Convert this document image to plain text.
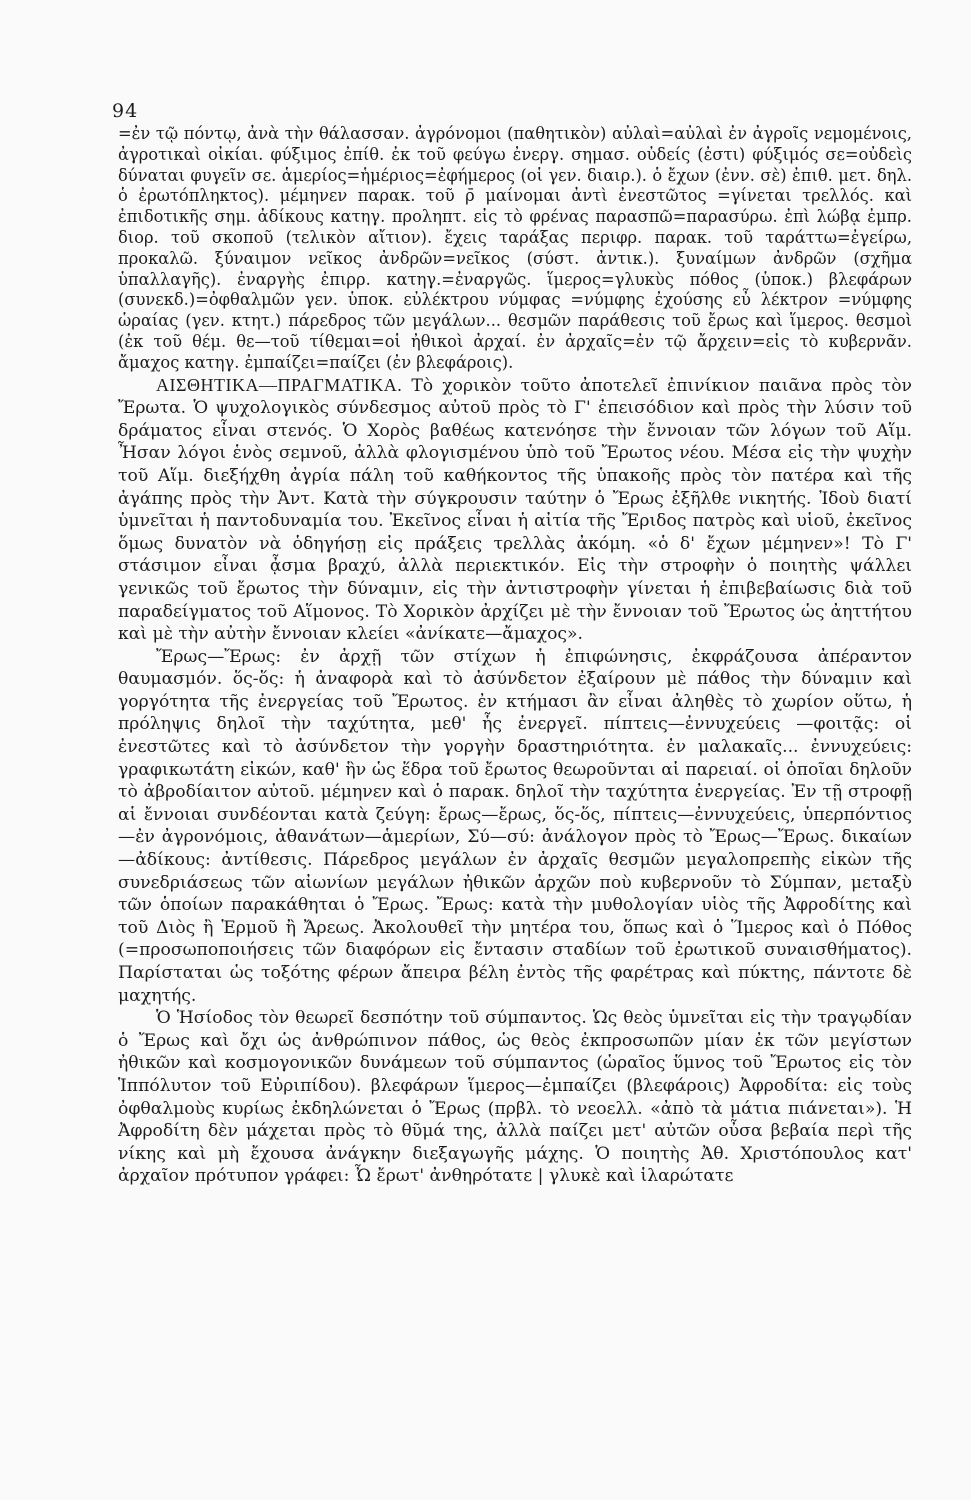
94

=ἐν τῷ πόντῳ, ἀνὰ τὴν θάλασσαν. ἀγρόνομοι (παθητικὸν) αὐλαὶ=αὐλαὶ ἐν ἀγροῖς νεμομένοις, ἀγροτικαὶ οἰκίαι. φύξιμος ἐπίθ. ἐκ τοῦ φεύγω ἐνεργ. σημασ. οὐδείς (ἐστι) φύξιμός σε=οὐδεὶς δύναται φυγεῖν σε. ἁμερίος=ἡμέριος=ἐφήμερος (οἱ γεν. διαιρ.). ὁ ἔχων (ἐνν. σὲ) ἐπιθ. μετ. δηλ. ὁ ἐρωτόπληκτος). μέμηνεν παρακ. τοῦ ρ̄ μαίνομαι ἀντὶ ἐνεστῶτος =γίνεται τρελλός. καὶ ἐπιδοτικῆς σημ. ἀδίκους κατηγ. προληπτ. εἰς τὸ φρένας παρασπῶ=παρασύρω. ἐπὶ λώβᾳ ἐμπρ. διορ. τοῦ σκοποῦ (τελικὸν αἴτιον). ἔχεις ταράξας περιφρ. παρακ. τοῦ ταράττω=ἐγείρω, προκαλῶ. ξύναιμον νεῖκος ἀνδρῶν=νεῖκος (σύστ. ἀντικ.). ξυναίμων ἀνδρῶν (σχῆμα ὑπαλλαγῆς). ἐναργὴς ἐπιρρ. κατηγ.=ἐναργῶς. ἵμερος=γλυκὺς πόθος (ὑποκ.) βλεφάρων (συνεκδ.)=ὀφθαλμῶν γεν. ὑποκ. εὐλέκτρου νύμφας =νύμφης ἐχούσης εὖ λέκτρον =νύμφης ὡραίας (γεν. κτητ.) πάρεδρος τῶν μεγάλων... θεσμῶν παράθεσις τοῦ ἔρως καὶ ἵμερος. θεσμοὶ (ἐκ τοῦ θέμ. θε—τοῦ τίθεμαι=οἱ ἠθικοὶ ἀρχαί. ἐν ἀρχαῖς=ἐν τῷ ἄρχειν=εἰς τὸ κυβερνᾶν. ἄμαχος κατηγ. ἐμπαίζει=παίζει (ἐν βλεφάροις).

ΑΙΣΘΗΤΙΚΑ—ΠΡΑΓΜΑΤΙΚΑ. Τὸ χορικὸν τοῦτο ἀποτελεῖ ἐπινίκιον παιᾶνα πρὸς τὸν Ἔρωτα. Ὁ ψυχολογικὸς σύνδεσμος αὐτοῦ πρὸς τὸ Γ' ἐπεισόδιον καὶ πρὸς τὴν λύσιν τοῦ δράματος εἶναι στενός. Ὁ Χορὸς βαθέως κατενόησε τὴν ἔννοιαν τῶν λόγων τοῦ Αἵμ. Ἦσαν λόγοι ἑνὸς σεμνοῦ, ἀλλὰ φλογισμένου ὑπὸ τοῦ Ἔρωτος νέου. Μέσα εἰς τὴν ψυχὴν τοῦ Αἵμ. διεξήχθη ἀγρία πάλη τοῦ καθήκοντος τῆς ὑπακοῆς πρὸς τὸν πατέρα καὶ τῆς ἀγάπης πρὸς τὴν Ἀντ. Κατὰ τὴν σύγκρουσιν ταύτην ὁ Ἔρως ἐξῆλθε νικητής. Ἰδοὺ διατί ὑμνεῖται ἡ παντοδυναμία του. Ἐκεῖνος εἶναι ἡ αἰτία τῆς Ἔριδος πατρὸς καὶ υἱοῦ, ἐκεῖνος ὅμως δυνατὸν νὰ ὁδηγήσῃ εἰς πράξεις τρελλὰς ἀκόμη. «ὁ δ' ἔχων μέμηνεν»! Τὸ Γ' στάσιμον εἶναι ᾆσμα βραχύ, ἀλλὰ περιεκτικόν. Εἰς τὴν στροφὴν ὁ ποιητὴς ψάλλει γενικῶς τοῦ ἔρωτος τὴν δύναμιν, εἰς τὴν ἀντιστροφὴν γίνεται ἡ ἐπιβεβαίωσις διὰ τοῦ παραδείγματος τοῦ Αἵμονος. Τὸ Χορικὸν ἀρχίζει μὲ τὴν ἔννοιαν τοῦ Ἔρωτος ὡς ἀηττήτου καὶ μὲ τὴν αὐτὴν ἔννοιαν κλείει «ἀνίκατε—ἄμαχος».

Ἔρως—Ἔρως: ἐν ἀρχῇ τῶν στίχων ἡ ἐπιφώνησις, ἐκφράζουσα ἀπέραντον θαυμασμόν. ὅς-ὅς: ἡ ἀναφορὰ καὶ τὸ ἀσύνδετον ἐξαίρουν μὲ πάθος τὴν δύναμιν καὶ γοργότητα τῆς ἐνεργείας τοῦ Ἔρωτος. ἐν κτήμασι ἂν εἶναι ἀληθὲς τὸ χωρίον οὕτω, ἡ πρόληψις δηλοῖ τὴν ταχύτητα, μεθ' ἧς ἐνεργεῖ. πίπτεις—ἐννυχεύεις —φοιτᾷς: οἱ ἐνεστῶτες καὶ τὸ ἀσύνδετον τὴν γοργὴν δραστηριότητα. ἐν μαλακαῖς... ἐννυχεύεις: γραφικωτάτη εἰκών, καθ' ἣν ὡς ἕδρα τοῦ ἔρωτος θεωροῦνται αἱ παρειαί. οἱ ὁποῖαι δηλοῦν τὸ ἀβροδίαιτον αὐτοῦ. μέμηνεν καὶ ὁ παρακ. δηλοῖ τὴν ταχύτητα ἐνεργείας. Ἐν τῇ στροφῇ αἱ ἔννοιαι συνδέονται κατὰ ζεύγη: ἔρως—ἔρως, ὅς-ὅς, πίπτεις—ἐννυχεύεις, ὑπερπόντιος—ἐν ἀγρονόμοις, ἀθανάτων—ἁμερίων, Σύ—σύ: ἀνάλογον πρὸς τὸ Ἔρως—Ἔρως. δικαίων—ἀδίκους: ἀντίθεσις. Πάρεδρος μεγάλων ἐν ἀρχαῖς θεσμῶν μεγαλοπρεπὴς εἰκὼν τῆς συνεδριάσεως τῶν αἰωνίων μεγάλων ἠθικῶν ἀρχῶν ποὺ κυβερνοῦν τὸ Σύμπαν, μεταξὺ τῶν ὁποίων παρακάθηται ὁ Ἔρως. Ἔρως: κατὰ τὴν μυθολογίαν υἱὸς τῆς Ἀφροδίτης καὶ τοῦ Διὸς ἢ Ἑρμοῦ ἢ Ἄρεως. Ἀκολουθεῖ τὴν μητέρα του, ὅπως καὶ ὁ Ἵμερος καὶ ὁ Πόθος (=προσωποποιήσεις τῶν διαφόρων εἰς ἔντασιν σταδίων τοῦ ἐρωτικοῦ συναισθήματος). Παρίσταται ὡς τοξότης φέρων ἄπειρα βέλη ἐντὸς τῆς φαρέτρας καὶ πύκτης, πάντοτε δὲ μαχητής.

Ὁ Ἡσίοδος τὸν θεωρεῖ δεσπότην τοῦ σύμπαντος. Ὡς θεὸς ὑμνεῖται εἰς τὴν τραγῳδίαν ὁ Ἔρως καὶ ὄχι ὡς ἀνθρώπινον πάθος, ὡς θεὸς ἐκπροσωπῶν μίαν ἐκ τῶν μεγίστων ἠθικῶν καὶ κοσμογονικῶν δυνάμεων τοῦ σύμπαντος (ὡραῖος ὕμνος τοῦ Ἔρωτος εἰς τὸν Ἱππόλυτον τοῦ Εὐριπίδου). βλεφάρων ἵμερος—ἐμπαίζει (βλεφάροις) Ἀφροδίτα: εἰς τοὺς ὀφθαλμοὺς κυρίως ἐκδηλώνεται ὁ Ἔρως (πρβλ. τὸ νεοελλ. «ἀπὸ τὰ μάτια πιάνεται»). Ἡ Ἀφροδίτη δὲν μάχεται πρὸς τὸ θῦμά της, ἀλλὰ παίζει μετ' αὐτῶν οὖσα βεβαία περὶ τῆς νίκης καὶ μὴ ἔχουσα ἀνάγκην διεξαγωγῆς μάχης. Ὁ ποιητὴς Ἀθ. Χριστόπουλος κατ' ἀρχαῖον πρότυπον γράφει: Ὦ ἔρωτ' ἀνθηρότατε | γλυκὲ καὶ ἱλαρώτατε
